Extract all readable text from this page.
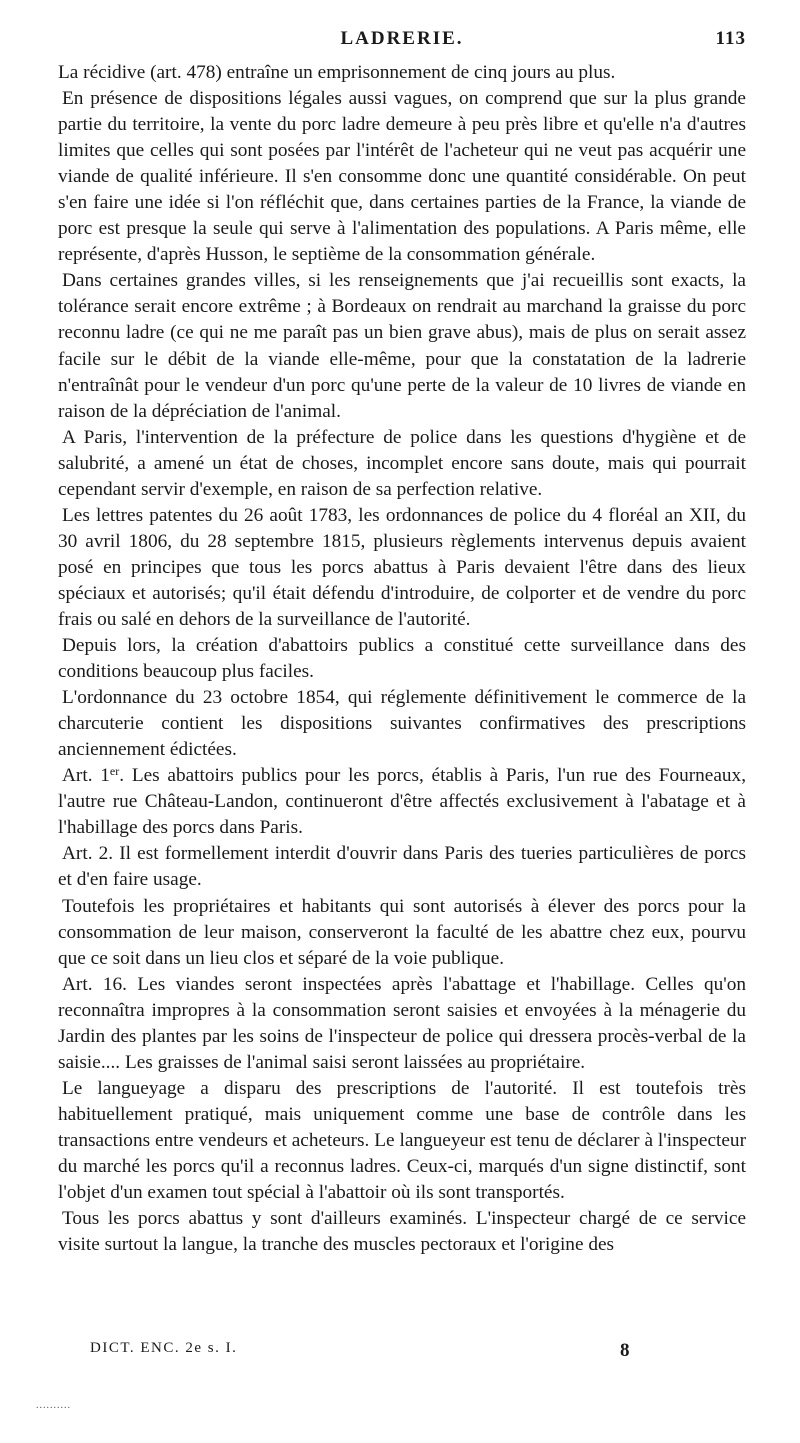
LADRERIE.	113

La récidive (art. 478) entraîne un emprisonnement de cinq jours au plus.

En présence de dispositions légales aussi vagues, on comprend que sur la plus grande partie du territoire, la vente du porc ladre demeure à peu près libre et qu'elle n'a d'autres limites que celles qui sont posées par l'intérêt de l'acheteur qui ne veut pas acquérir une viande de qualité inférieure. Il s'en consomme donc une quantité considérable. On peut s'en faire une idée si l'on réfléchit que, dans certaines parties de la France, la viande de porc est presque la seule qui serve à l'alimentation des populations. A Paris même, elle représente, d'après Husson, le septième de la consommation générale.

Dans certaines grandes villes, si les renseignements que j'ai recueillis sont exacts, la tolérance serait encore extrême ; à Bordeaux on rendrait au marchand la graisse du porc reconnu ladre (ce qui ne me paraît pas un bien grave abus), mais de plus on serait assez facile sur le débit de la viande elle-même, pour que la constatation de la ladrerie n'entraînât pour le vendeur d'un porc qu'une perte de la valeur de 10 livres de viande en raison de la dépréciation de l'animal.

A Paris, l'intervention de la préfecture de police dans les questions d'hygiène et de salubrité, a amené un état de choses, incomplet encore sans doute, mais qui pourrait cependant servir d'exemple, en raison de sa perfection relative.

Les lettres patentes du 26 août 1783, les ordonnances de police du 4 floréal an XII, du 30 avril 1806, du 28 septembre 1815, plusieurs règlements intervenus depuis avaient posé en principes que tous les porcs abattus à Paris devaient l'être dans des lieux spéciaux et autorisés; qu'il était défendu d'introduire, de colporter et de vendre du porc frais ou salé en dehors de la surveillance de l'autorité.

Depuis lors, la création d'abattoirs publics a constitué cette surveillance dans des conditions beaucoup plus faciles.

L'ordonnance du 23 octobre 1854, qui réglemente définitivement le commerce de la charcuterie contient les dispositions suivantes confirmatives des prescriptions anciennement édictées.

Art. 1er. Les abattoirs publics pour les porcs, établis à Paris, l'un rue des Fourneaux, l'autre rue Château-Landon, continueront d'être affectés exclusivement à l'abatage et à l'habillage des porcs dans Paris.

Art. 2. Il est formellement interdit d'ouvrir dans Paris des tueries particulières de porcs et d'en faire usage.

Toutefois les propriétaires et habitants qui sont autorisés à élever des porcs pour la consommation de leur maison, conserveront la faculté de les abattre chez eux, pourvu que ce soit dans un lieu clos et séparé de la voie publique.

Art. 16. Les viandes seront inspectées après l'abattage et l'habillage. Celles qu'on reconnaîtra impropres à la consommation seront saisies et envoyées à la ménagerie du Jardin des plantes par les soins de l'inspecteur de police qui dressera procès-verbal de la saisie.... Les graisses de l'animal saisi seront laissées au propriétaire.

Le langueyage a disparu des prescriptions de l'autorité. Il est toutefois très habituellement pratiqué, mais uniquement comme une base de contrôle dans les transactions entre vendeurs et acheteurs. Le langueyeur est tenu de déclarer à l'inspecteur du marché les porcs qu'il a reconnus ladres. Ceux-ci, marqués d'un signe distinctif, sont l'objet d'un examen tout spécial à l'abattoir où ils sont transportés.

Tous les porcs abattus y sont d'ailleurs examinés. L'inspecteur chargé de ce service visite surtout la langue, la tranche des muscles pectoraux et l'origine des

DICT. ENC. 2e s. I.	8
..........
